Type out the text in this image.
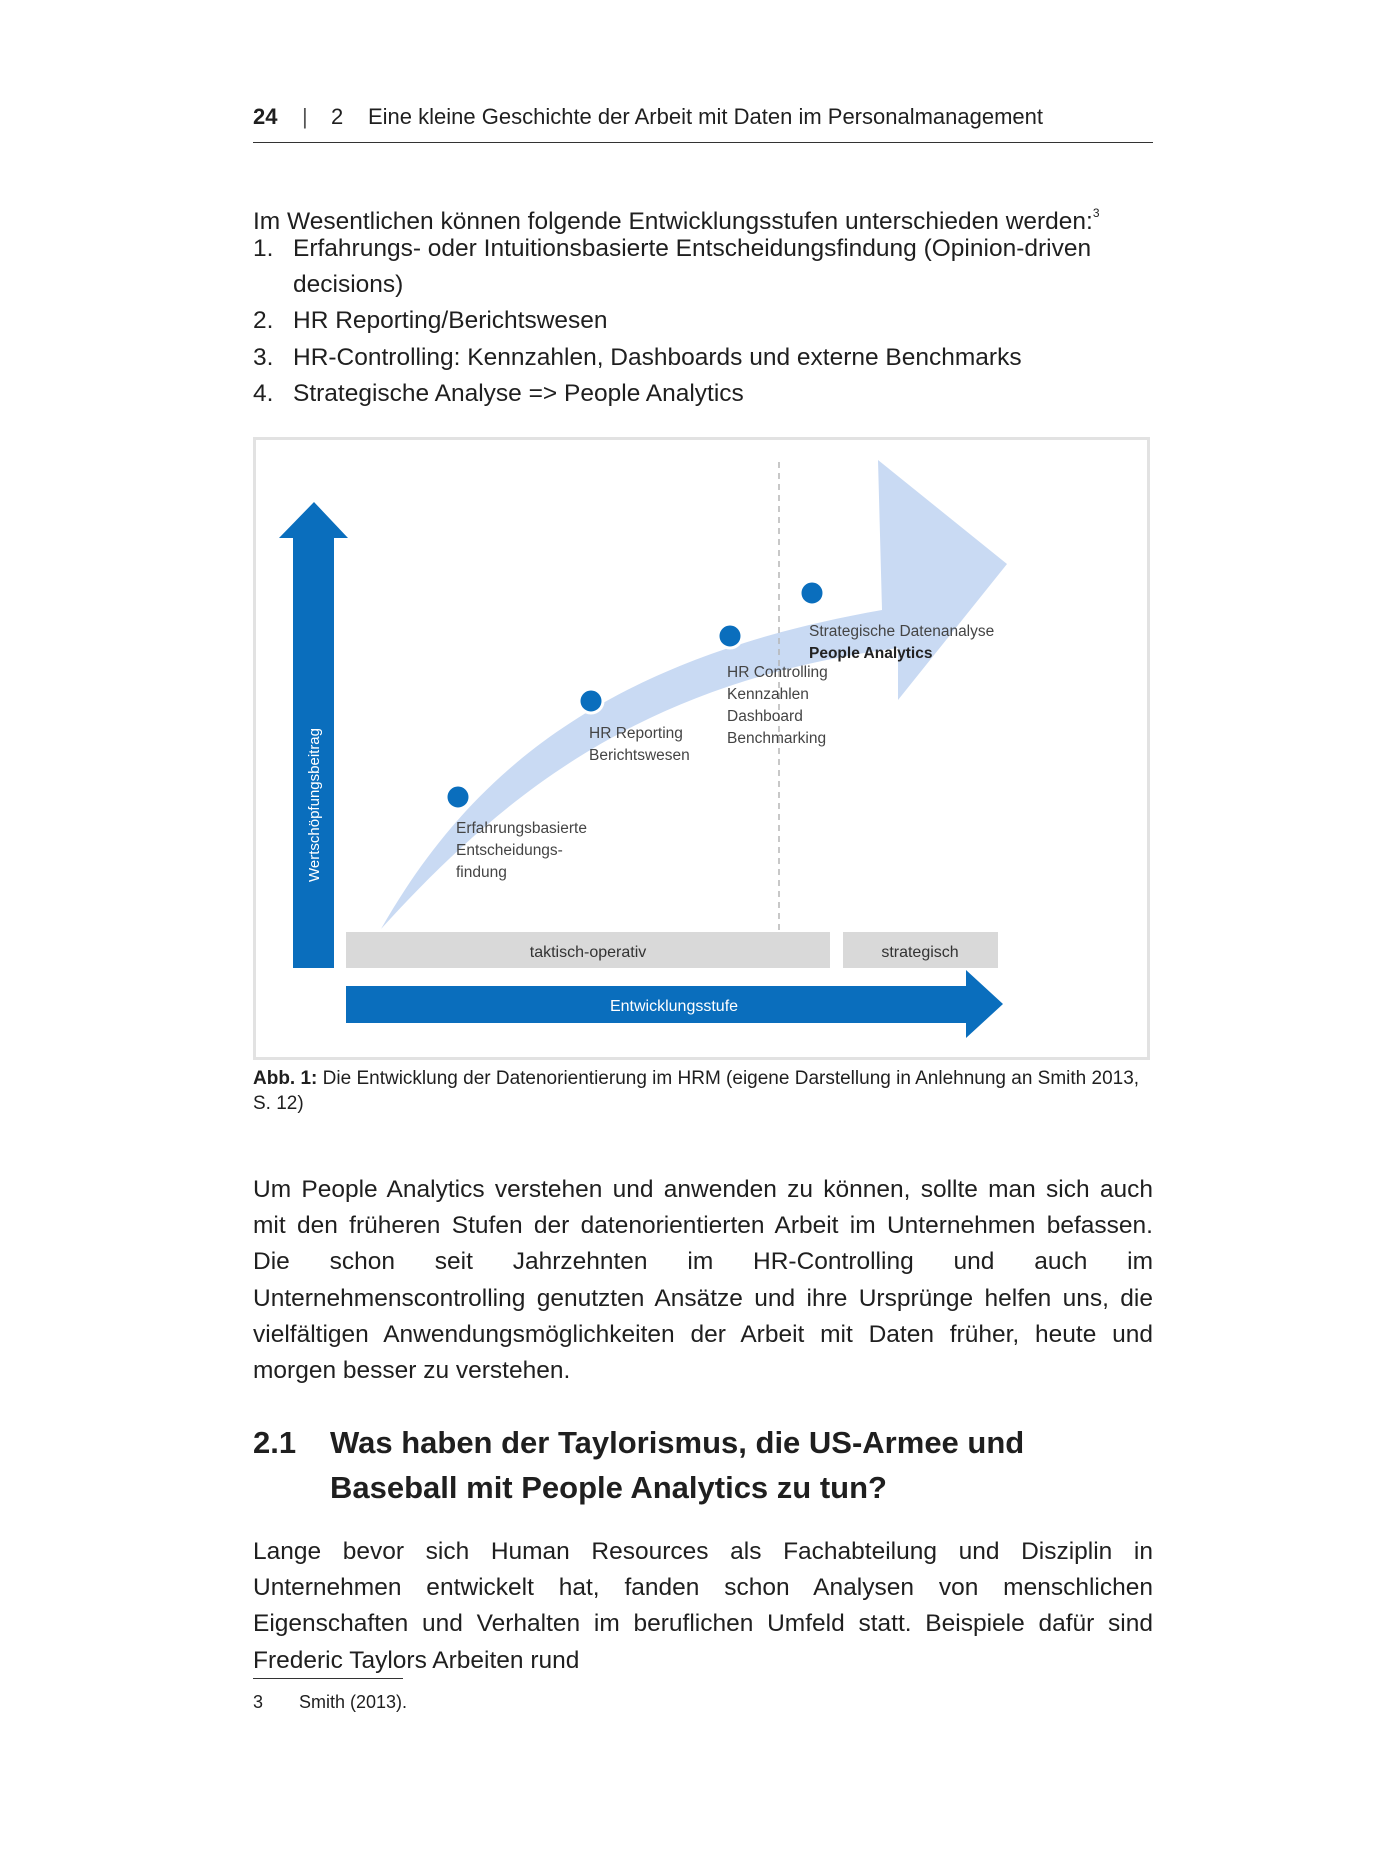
24 | 2 Eine kleine Geschichte der Arbeit mit Daten im Personalmanagement
Im Wesentlichen können folgende Entwicklungsstufen unterschieden werden:$^3$
1. Erfahrungs- oder Intuitionsbasierte Entscheidungsfindung (Opinion-driven decisions)
2. HR Reporting/Berichtswesen
3. HR-Controlling: Kennzahlen, Dashboards und externe Benchmarks
4. Strategische Analyse => People Analytics
Wertschöpfungsbeitrag
taktisch-operativ	strategisch
Entwicklungsstufe
Erfahrungsbasierte Entscheidungs- findung
HR Reporting Berichtswesen
HR Controlling Kennzahlen Dashboard Benchmarking
Strategische Datenanalyse People Analytics
Abb. 1: Die Entwicklung der Datenorientierung im HRM (eigene Darstellung in Anlehnung an Smith 2013, S. 12)

Um People Analytics verstehen und anwenden zu können, sollte man sich auch mit den früheren Stufen der datenorientierten Arbeit im Unternehmen befassen. Die schon seit Jahrzehnten im HR-Controlling und auch im Unternehmenscontrolling genutzten Ansätze und ihre Ursprünge helfen uns, die vielfältigen Anwendungsmöglichkeiten der Arbeit mit Daten früher, heute und morgen besser zu verstehen.

2.1 Was haben der Taylorismus, die US-Armee und Baseball mit People Analytics zu tun?

Lange bevor sich Human Resources als Fachabteilung und Disziplin in Unternehmen entwickelt hat, fanden schon Analysen von menschlichen Eigenschaften und Verhalten im beruflichen Umfeld statt. Beispiele dafür sind Frederic Taylors Arbeiten rund

3 Smith (2013).
